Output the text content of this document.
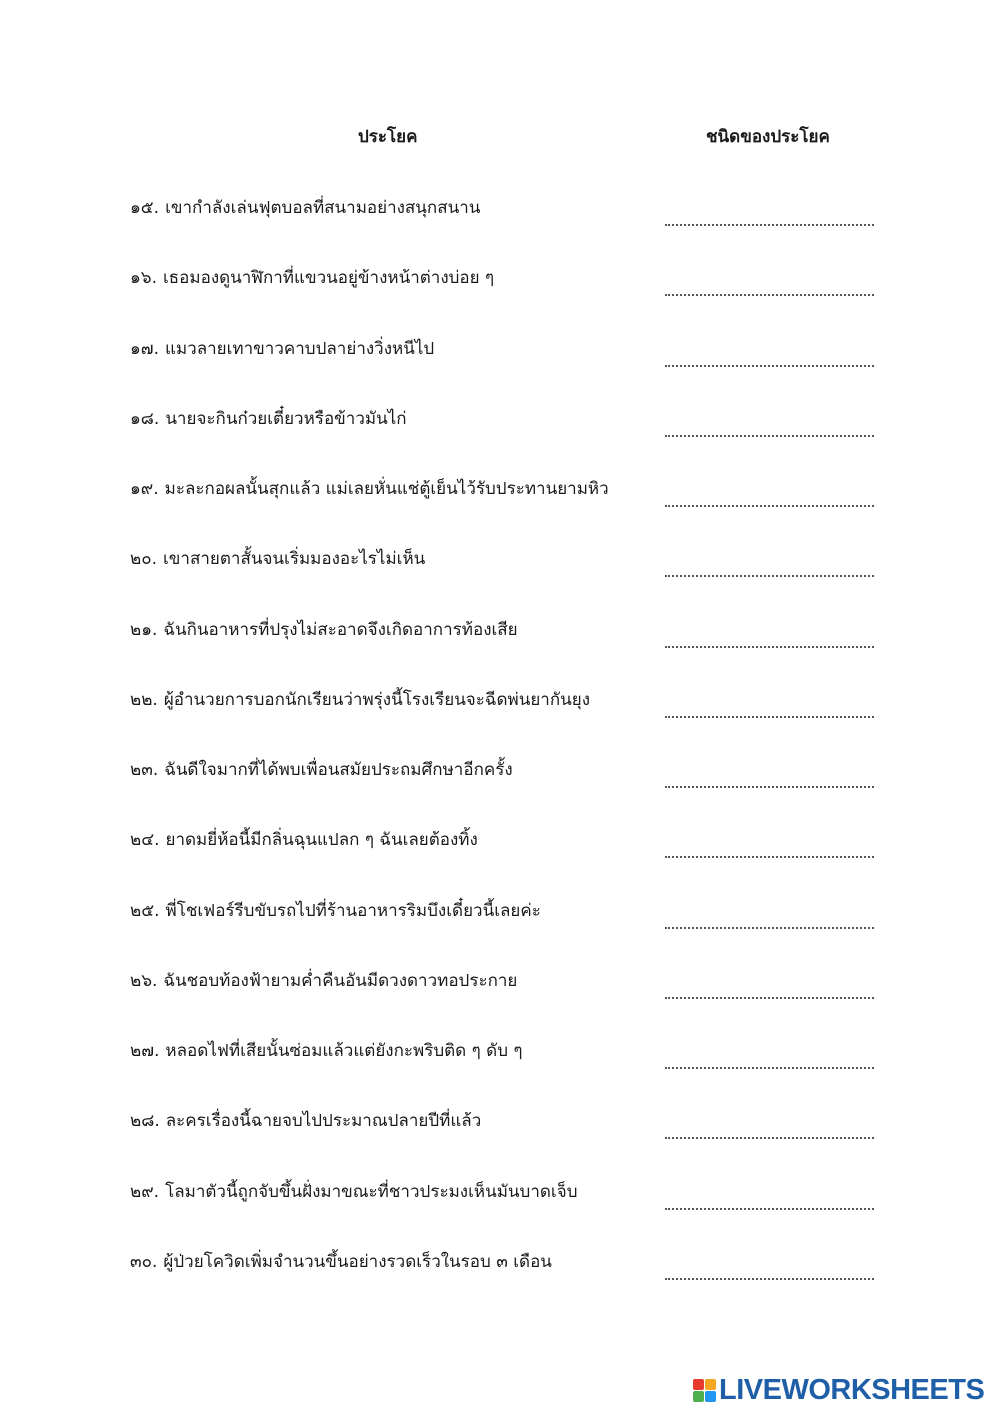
ประโยค	ชนิดของประโยค
๑๕. เขากำลังเล่นฟุตบอลที่สนามอย่างสนุกสนาน
๑๖. เธอมองดูนาฬิกาที่แขวนอยู่ข้างหน้าต่างบ่อย ๆ
๑๗. แมวลายเทาขาวคาบปลาย่างวิ่งหนีไป
๑๘. นายจะกินก๋วยเตี๋ยวหรือข้าวมันไก่
๑๙. มะละกอผลนั้นสุกแล้ว แม่เลยหั่นแช่ตู้เย็นไว้รับประทานยามหิว
๒๐. เขาสายตาสั้นจนเริ่มมองอะไรไม่เห็น
๒๑. ฉันกินอาหารที่ปรุงไม่สะอาดจึงเกิดอาการท้องเสีย
๒๒. ผู้อำนวยการบอกนักเรียนว่าพรุ่งนี้โรงเรียนจะฉีดพ่นยากันยุง
๒๓. ฉันดีใจมากที่ได้พบเพื่อนสมัยประถมศึกษาอีกครั้ง
๒๔. ยาดมยี่ห้อนี้มีกลิ่นฉุนแปลก ๆ ฉันเลยต้องทิ้ง
๒๕. พี่โชเฟอร์รีบขับรถไปที่ร้านอาหารริมบึงเดี๋ยวนี้เลยค่ะ
๒๖. ฉันชอบท้องฟ้ายามค่ำคืนอันมีดวงดาวทอประกาย
๒๗. หลอดไฟที่เสียนั้นซ่อมแล้วแต่ยังกะพริบติด ๆ ดับ ๆ
๒๘. ละครเรื่องนี้ฉายจบไปประมาณปลายปีที่แล้ว
๒๙. โลมาตัวนี้ถูกจับขึ้นฝั่งมาขณะที่ชาวประมงเห็นมันบาดเจ็บ
๓๐. ผู้ป่วยโควิดเพิ่มจำนวนขึ้นอย่างรวดเร็วในรอบ ๓ เดือน
LIVEWORKSHEETS
